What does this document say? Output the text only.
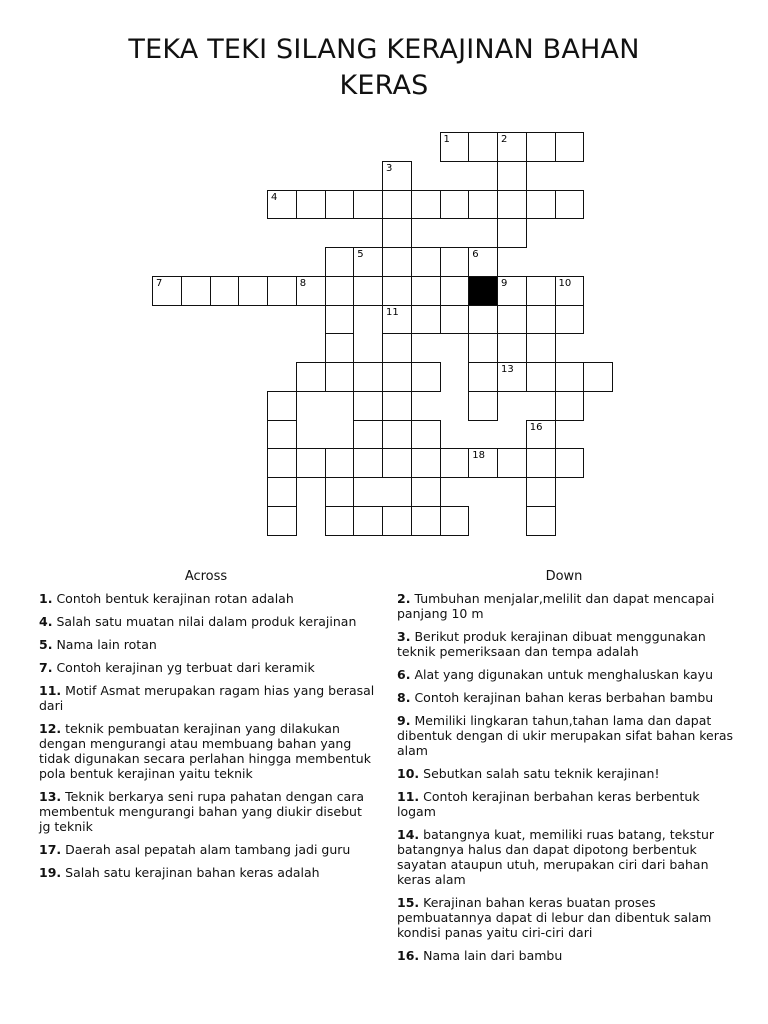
TEKA TEKI SILANG KERAJINAN BAHAN KERAS
1	2
3
4
5	6
7	8	9	10
11
13
16
18
Across	Down
1. Contoh bentuk kerajinan rotan adalah
4. Salah satu muatan nilai dalam produk kerajinan
5. Nama lain rotan
7. Contoh kerajinan yg terbuat dari keramik
11. Motif Asmat merupakan ragam hias yang berasal dari
12. teknik pembuatan kerajinan yang dilakukan dengan mengurangi atau membuang bahan yang tidak digunakan secara perlahan hingga membentuk pola bentuk kerajinan yaitu teknik
13. Teknik berkarya seni rupa pahatan dengan cara membentuk mengurangi bahan yang diukir disebut jg teknik
17. Daerah asal pepatah alam tambang jadi guru
19. Salah satu kerajinan bahan keras adalah
2. Tumbuhan menjalar,melilit dan dapat mencapai panjang 10 m
3. Berikut produk kerajinan dibuat menggunakan teknik pemeriksaan dan tempa adalah
6. Alat yang digunakan untuk menghaluskan kayu
8. Contoh kerajinan bahan keras berbahan bambu
9. Memiliki lingkaran tahun,tahan lama dan dapat dibentuk dengan di ukir merupakan sifat bahan keras alam
10. Sebutkan salah satu teknik kerajinan!
11. Contoh kerajinan berbahan keras berbentuk logam
14. batangnya kuat, memiliki ruas batang, tekstur batangnya halus dan dapat dipotong berbentuk sayatan ataupun utuh, merupakan ciri dari bahan keras alam
15. Kerajinan bahan keras buatan proses pembuatannya dapat di lebur dan dibentuk salam kondisi panas yaitu ciri-ciri dari
16. Nama lain dari bambu
